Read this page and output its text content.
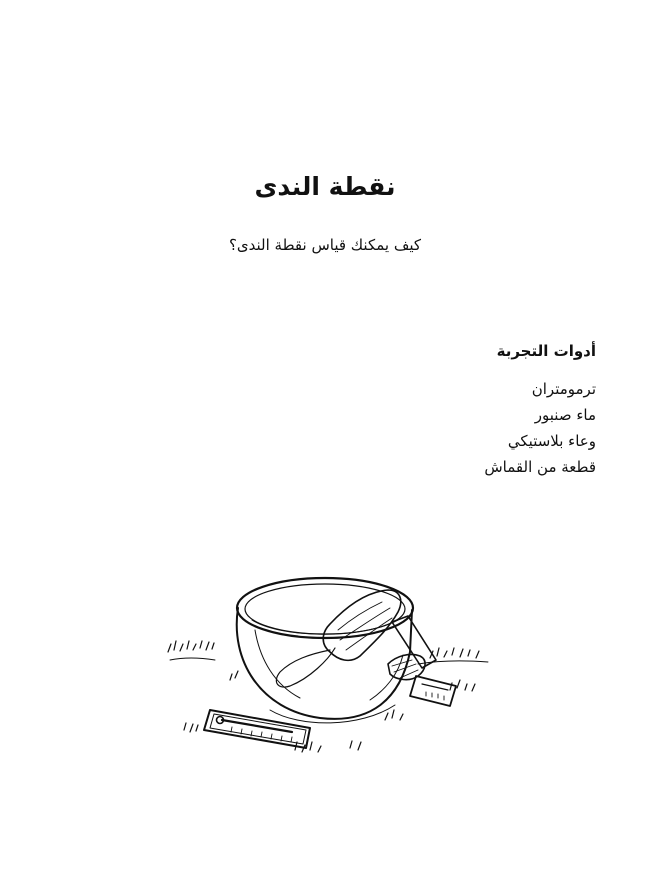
نقطة الندى

كيف يمكنك قياس نقطة الندى؟

أدوات التجربة
ترمومتران
ماء صنبور
وعاء بلاستيكي
قطعة من القماش
